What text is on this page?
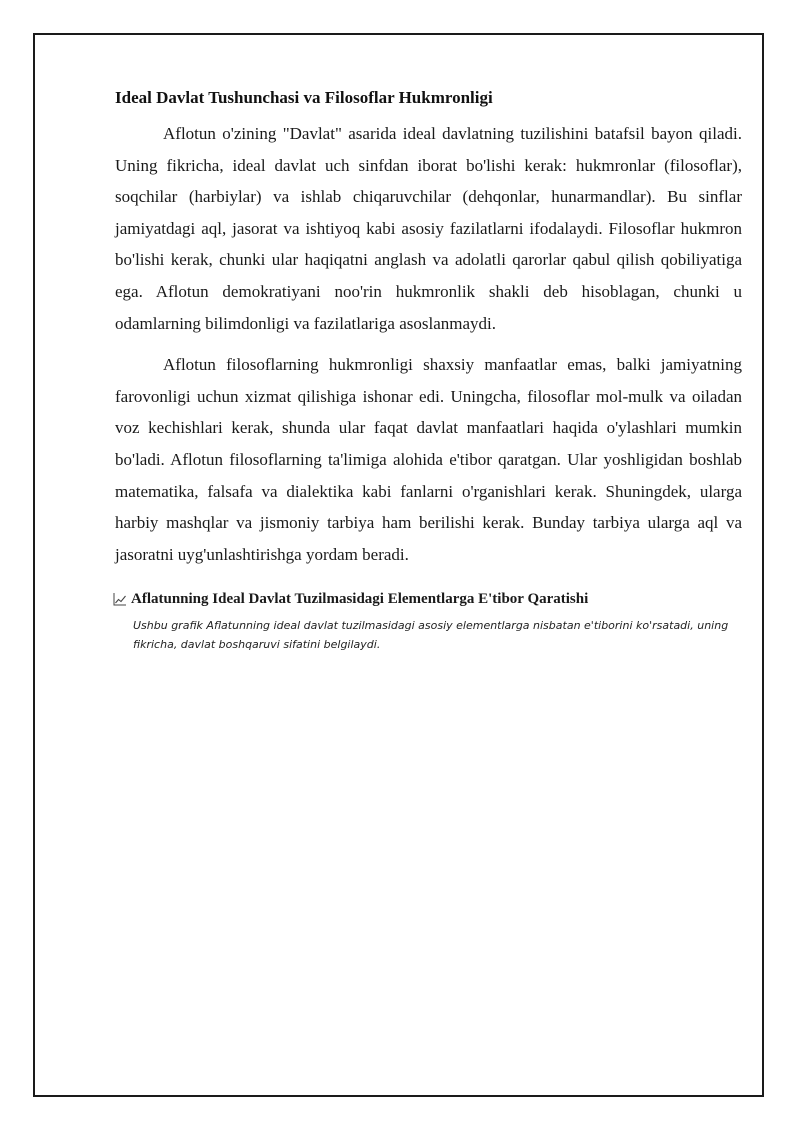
Ideal Davlat Tushunchasi va Filosoflar Hukmronligi

Aflotun o'zining "Davlat" asarida ideal davlatning tuzilishini batafsil bayon qiladi. Uning fikricha, ideal davlat uch sinfdan iborat bo'lishi kerak: hukmronlar (filosoflar), soqchilar (harbiylar) va ishlab chiqaruvchilar (dehqonlar, hunarmandlar). Bu sinflar jamiyatdagi aql, jasorat va ishtiyoq kabi asosiy fazilatlarni ifodalaydi. Filosoflar hukmron bo'lishi kerak, chunki ular haqiqatni anglash va adolatli qarorlar qabul qilish qobiliyatiga ega. Aflotun demokratiyani noo'rin hukmronlik shakli deb hisoblagan, chunki u odamlarning bilimdonligi va fazilatlariga asoslanmaydi.

Aflotun filosoflarning hukmronligi shaxsiy manfaatlar emas, balki jamiyatning farovonligi uchun xizmat qilishiga ishonar edi. Uningcha, filosoflar mol-mulk va oiladan voz kechishlari kerak, shunda ular faqat davlat manfaatlari haqida o'ylashlari mumkin bo'ladi. Aflotun filosoflarning ta'limiga alohida e'tibor qaratgan. Ular yoshligidan boshlab matematika, falsafa va dialektika kabi fanlarni o'rganishlari kerak. Shuningdek, ularga harbiy mashqlar va jismoniy tarbiya ham berilishi kerak. Bunday tarbiya ularga aql va jasoratni uyg'unlashtirishga yordam beradi.

Aflatunning Ideal Davlat Tuzilmasidagi Elementlarga E'tibor Qaratishi
Ushbu grafik Aflatunning ideal davlat tuzilmasidagi asosiy elementlarga nisbatan e'tiborini ko'rsatadi, uning fikricha, davlat boshqaruvi sifatini belgilaydi.
